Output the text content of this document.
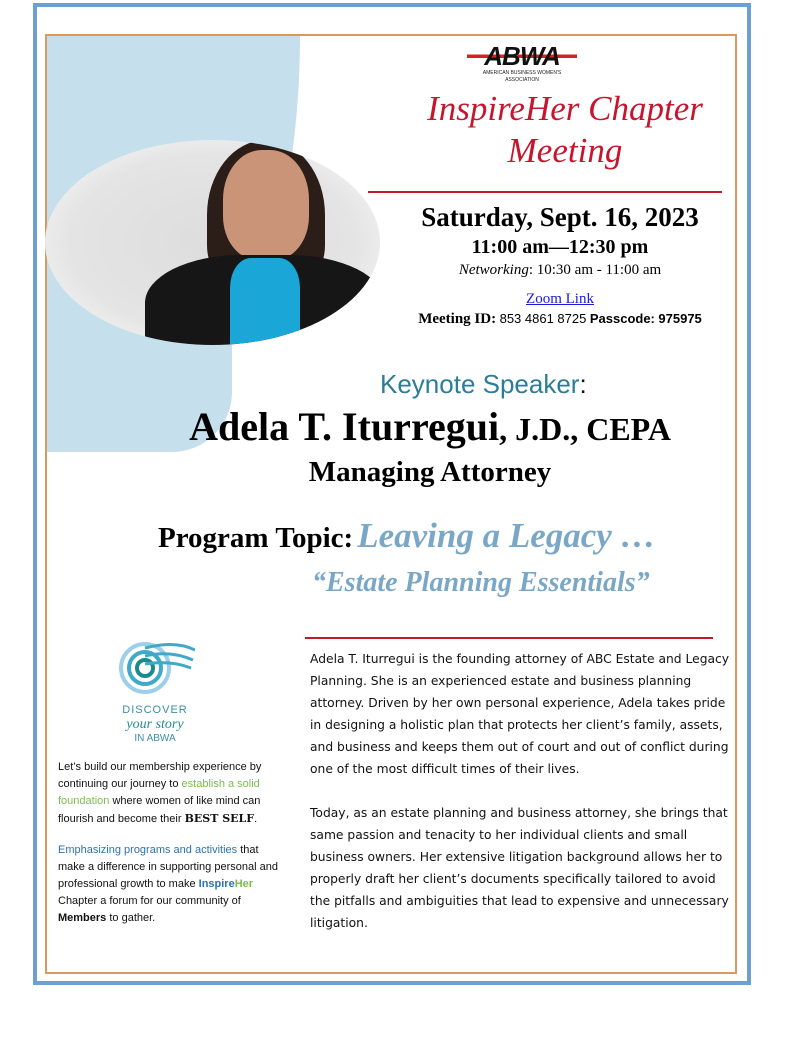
ABWA
AMERICAN BUSINESS WOMEN'S ASSOCIATION
InspireHer Chapter
Meeting
Saturday, Sept. 16, 2023
11:00 am—12:30 pm
Networking: 10:30 am - 11:00 am
Zoom Link
Meeting ID: 853 4861 8725 Passcode: 975975
Keynote Speaker:
Adela T. Iturregui, J.D., CEPA
Managing Attorney
Program Topic: Leaving a Legacy …
“Estate Planning Essentials”
DISCOVER
your story
IN ABWA

Let’s build our membership experience by continuing our journey to establish a solid foundation where women of like mind can flourish and become their BEST SELF.

Emphasizing programs and activities that make a difference in supporting personal and professional growth to make InspireHer Chapter a forum for our community of Members to gather.

Adela T. Iturregui is the founding attorney of ABC Estate and Legacy Planning. She is an experienced estate and business planning attorney. Driven by her own personal experience, Adela takes pride in designing a holistic plan that protects her client’s family, assets, and business and keeps them out of court and out of conflict during one of the most difficult times of their lives.

Today, as an estate planning and business attorney, she brings that same passion and tenacity to her individual clients and small business owners. Her extensive litigation background allows her to properly draft her client’s documents specifically tailored to avoid the pitfalls and ambiguities that lead to expensive and unnecessary litigation.
